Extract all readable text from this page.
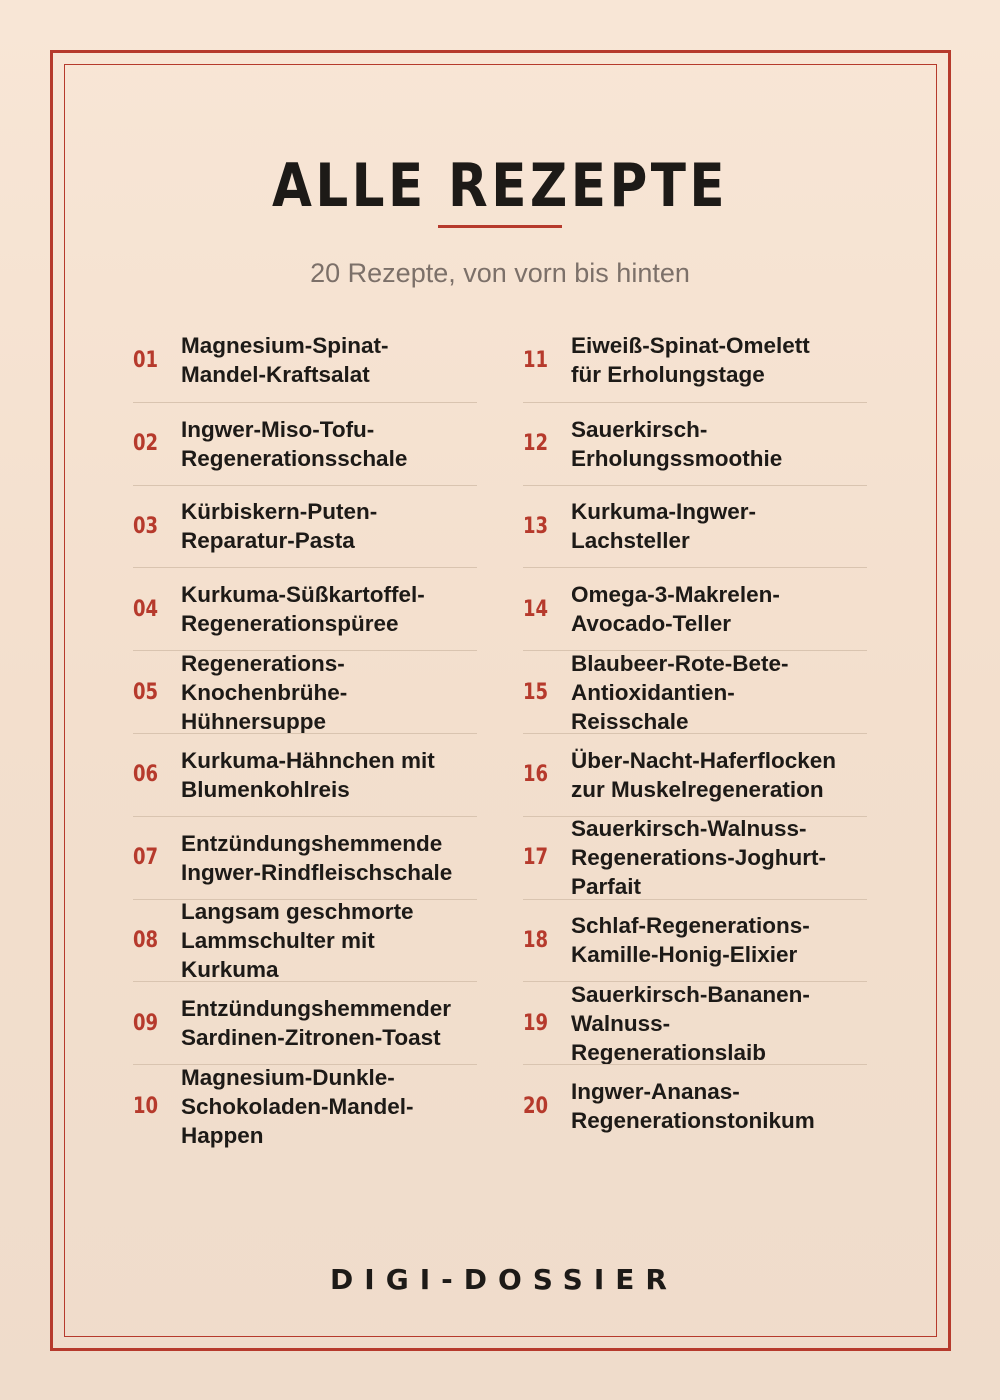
ALLE REZEPTE
20 Rezepte, von vorn bis hinten
01
Magnesium-Spinat-
Mandel-Kraftsalat
02
Ingwer-Miso-Tofu-
Regenerationsschale
03
Kürbiskern-Puten-
Reparatur-Pasta
04
Kurkuma-Süßkartoffel-
Regenerationspüree
05
Regenerations-
Knochenbrühe-
Hühnersuppe
06
Kurkuma-Hähnchen mit
Blumenkohlreis
07
Entzündungshemmende
Ingwer-Rindfleischschale
08
Langsam geschmorte
Lammschulter mit
Kurkuma
09
Entzündungshemmender
Sardinen-Zitronen-Toast
10
Magnesium-Dunkle-
Schokoladen-Mandel-
Happen
11
Eiweiß-Spinat-Omelett
für Erholungstage
12
Sauerkirsch-
Erholungssmoothie
13
Kurkuma-Ingwer-
Lachsteller
14
Omega-3-Makrelen-
Avocado-Teller
15
Blaubeer-Rote-Bete-
Antioxidantien-
Reisschale
16
Über-Nacht-Haferflocken
zur Muskelregeneration
17
Sauerkirsch-Walnuss-
Regenerations-Joghurt-
Parfait
18
Schlaf-Regenerations-
Kamille-Honig-Elixier
19
Sauerkirsch-Bananen-
Walnuss-
Regenerationslaib
20
Ingwer-Ananas-
Regenerationstonikum
DIGI-DOSSIER
